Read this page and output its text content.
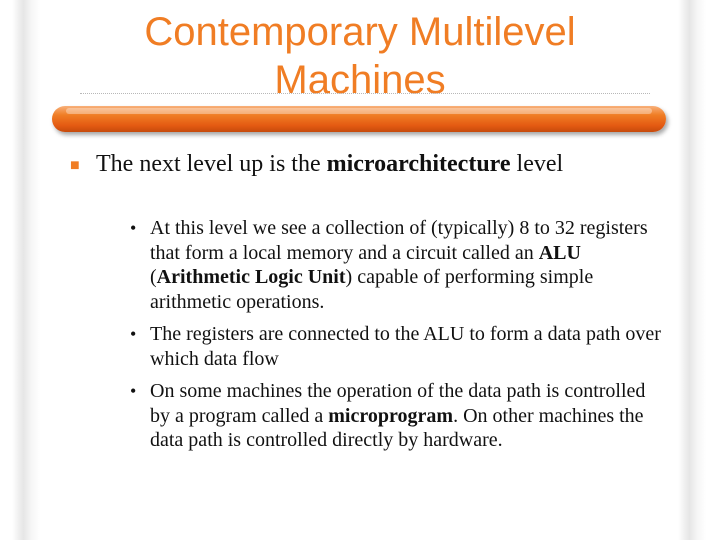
Contemporary Multilevel Machines
■ The next level up is the microarchitecture level
• At this level we see a collection of (typically) 8 to 32 registers that form a local memory and a circuit called an ALU (Arithmetic Logic Unit) capable of performing simple arithmetic operations.
• The registers are connected to the ALU to form a data path over which data flow
• On some machines the operation of the data path is controlled by a program called a microprogram. On other machines the data path is controlled directly by hardware.
